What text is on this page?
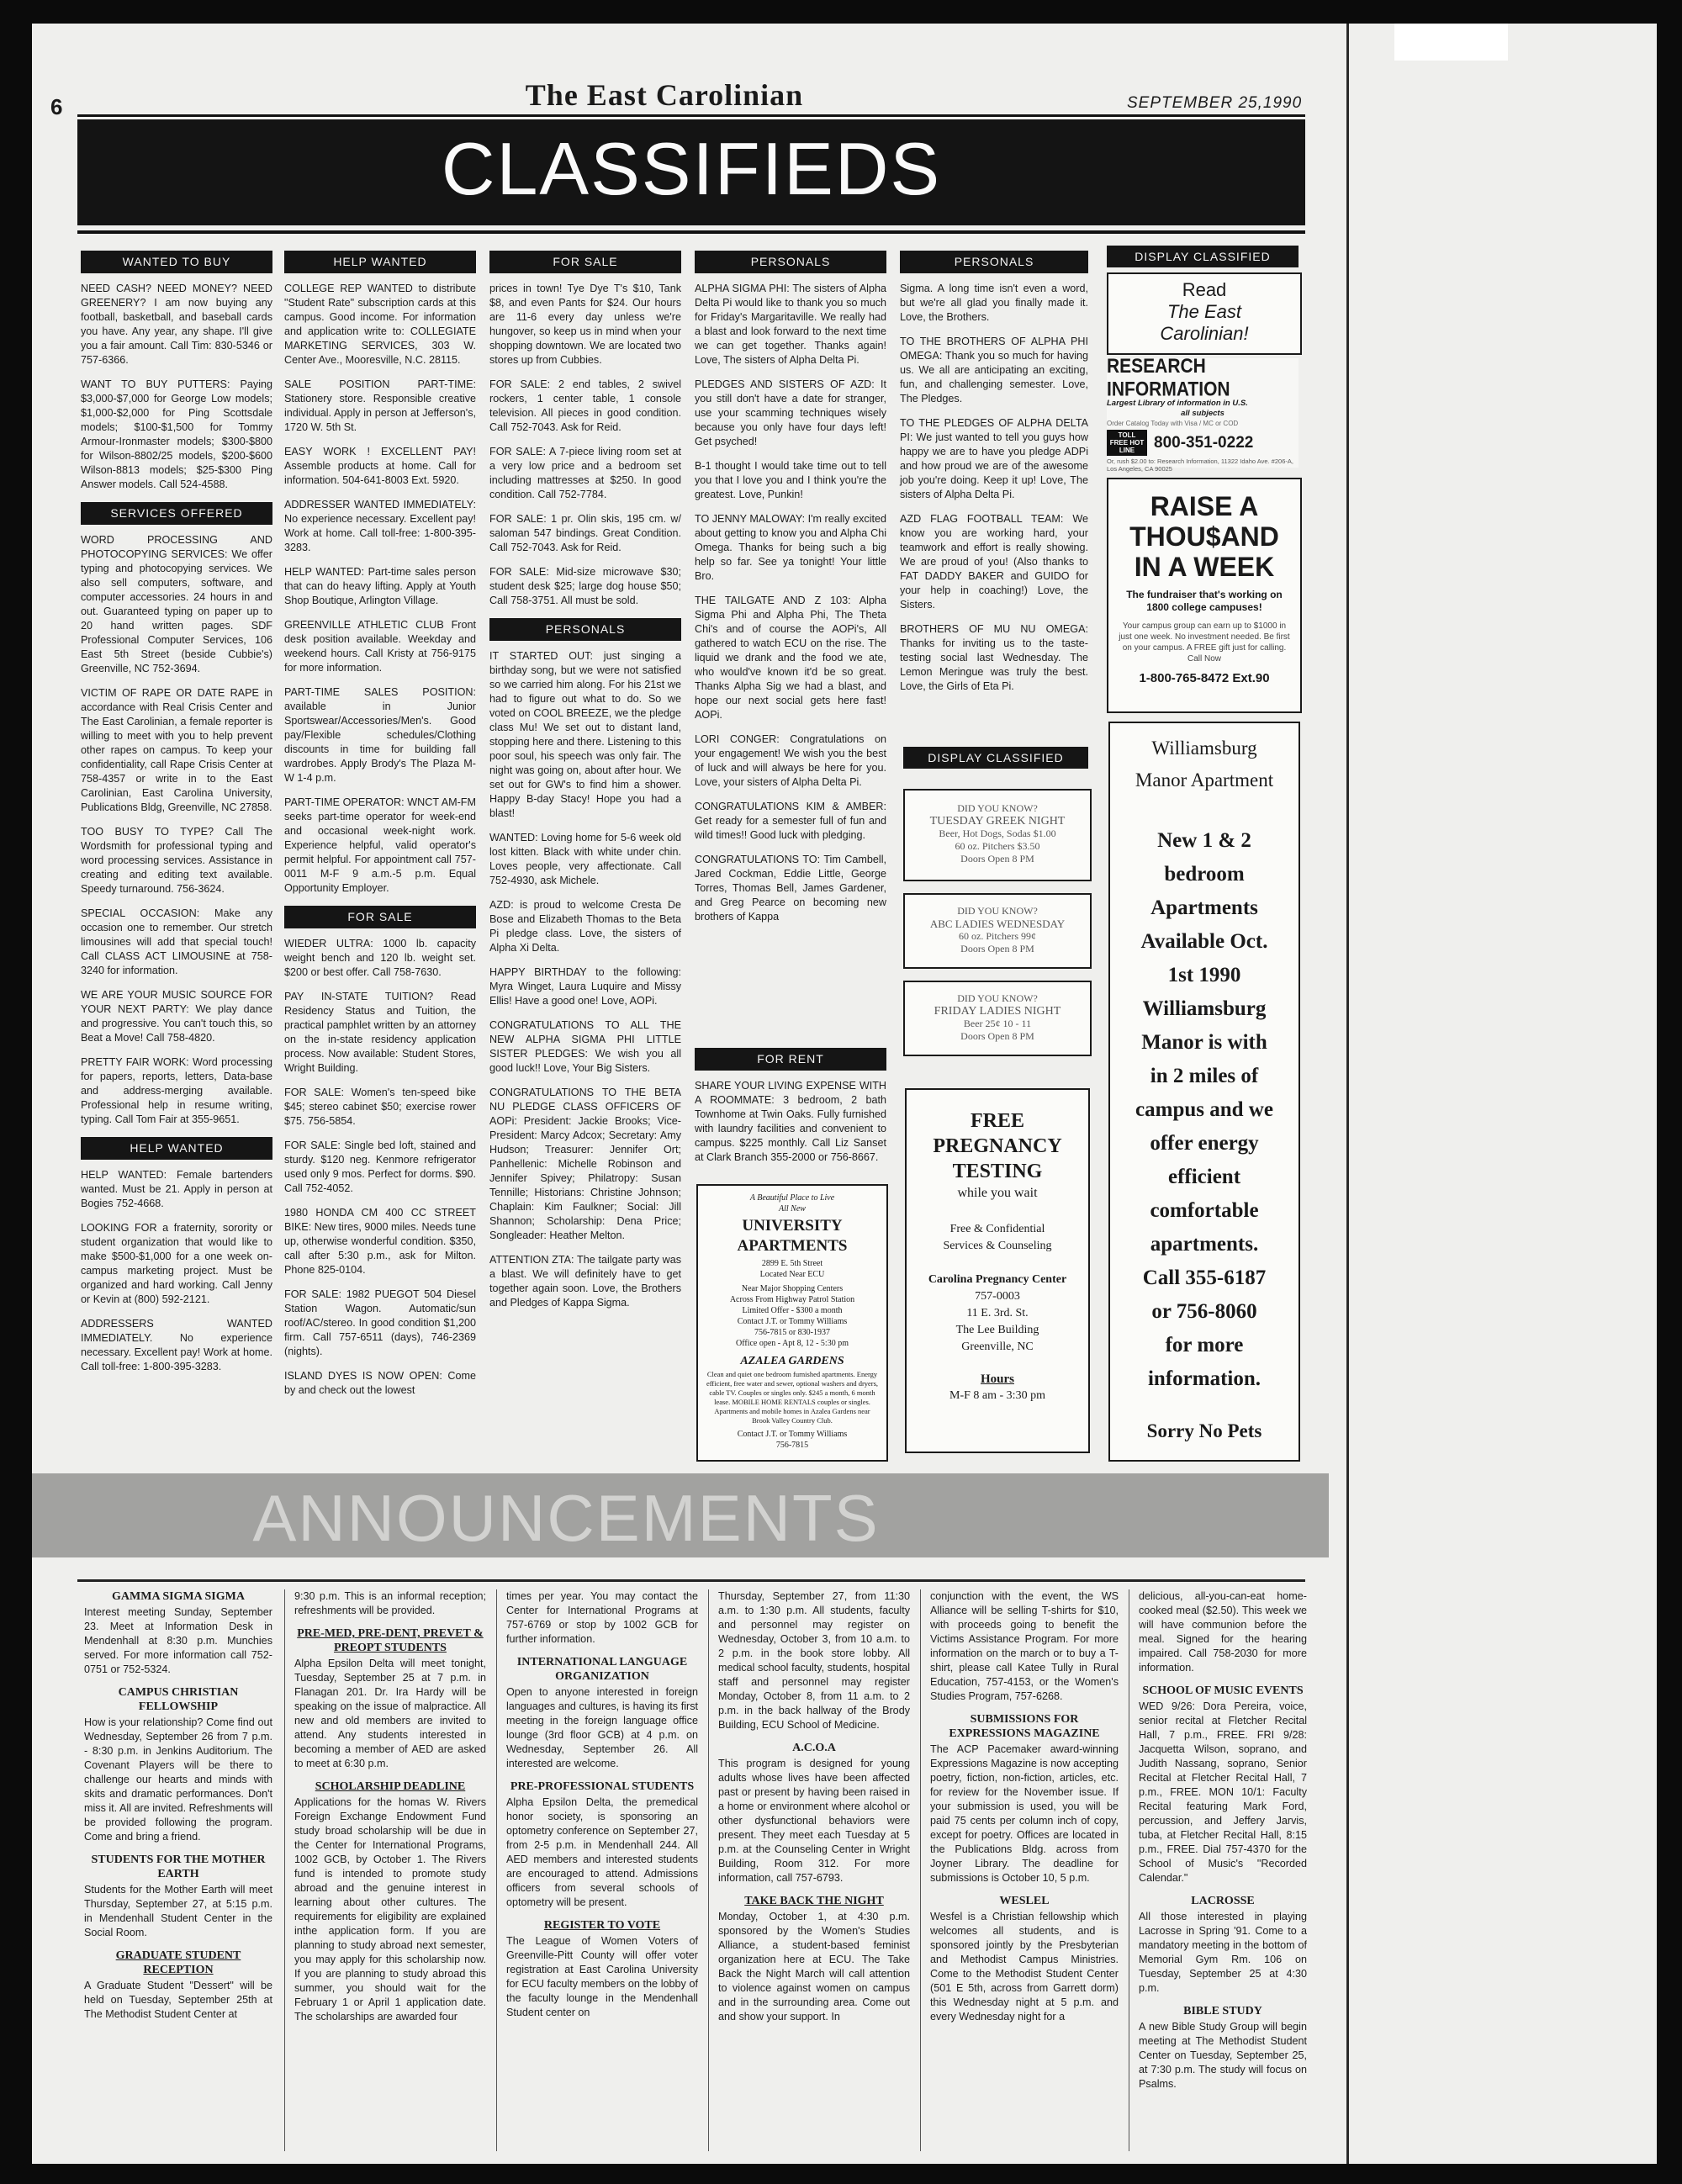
6	The East Carolinian	SEPTEMBER 25,1990
CLASSIFIEDS
WANTED TO BUY

NEED CASH? NEED MONEY? NEED GREENERY? I am now buying any football, basketball, and baseball cards you have. Any year, any shape. I'll give you a fair amount. Call Tim: 830-5346 or 757-6366.

WANT TO BUY PUTTERS: Paying $3,000-$7,000 for George Low models; $1,000-$2,000 for Ping Scottsdale models; $100-$1,500 for Tommy Armour-Ironmaster models; $300-$800 for Wilson-8802/25 models, $200-$600 Wilson-8813 models; $25-$300 Ping Answer models. Call 524-4588.

SERVICES OFFERED

WORD PROCESSING AND PHOTOCOPYING SERVICES: We offer typing and photocopying services. We also sell computers, software, and computer accessories. 24 hours in and out. Guaranteed typing on paper up to 20 hand written pages. SDF Professional Computer Services, 106 East 5th Street (beside Cubbie's) Greenville, NC 752-3694.

VICTIM OF RAPE OR DATE RAPE in accordance with Real Crisis Center and The East Carolinian, a female reporter is willing to meet with you to help prevent other rapes on campus. To keep your confidentiality, call Rape Crisis Center at 758-4357 or write in to the East Carolinian, East Carolina University, Publications Bldg, Greenville, NC 27858.

TOO BUSY TO TYPE? Call The Wordsmith for professional typing and word processing services. Assistance in creating and editing text available. Speedy turnaround. 756-3624.

SPECIAL OCCASION: Make any occasion one to remember. Our stretch limousines will add that special touch! Call CLASS ACT LIMOUSINE at 758-3240 for information.

WE ARE YOUR MUSIC SOURCE FOR YOUR NEXT PARTY: We play dance and progressive. You can't touch this, so Beat a Move! Call 758-4820.

PRETTY FAIR WORK: Word processing for papers, reports, letters, Data-base and address-merging available. Professional help in resume writing, typing. Call Tom Fair at 355-9651.

HELP WANTED

HELP WANTED: Female bartenders wanted. Must be 21. Apply in person at Bogies 752-4668.

LOOKING FOR a fraternity, sorority or student organization that would like to make $500-$1,000 for a one week on-campus marketing project. Must be organized and hard working. Call Jenny or Kevin at (800) 592-2121.

ADDRESSERS WANTED IMMEDIATELY. No experience necessary. Excellent pay! Work at home. Call toll-free: 1-800-395-3283.

HELP WANTED

COLLEGE REP WANTED to distribute "Student Rate" subscription cards at this campus. Good income. For information and application write to: COLLEGIATE MARKETING SERVICES, 303 W. Center Ave., Mooresville, N.C. 28115.

SALE POSITION PART-TIME: Stationery store. Responsible creative individual. Apply in person at Jefferson's, 1720 W. 5th St.

EASY WORK ! EXCELLENT PAY! Assemble products at home. Call for information. 504-641-8003 Ext. 5920.

ADDRESSER WANTED IMMEDIATELY: No experience necessary. Excellent pay! Work at home. Call toll-free: 1-800-395-3283.

HELP WANTED: Part-time sales person that can do heavy lifting. Apply at Youth Shop Boutique, Arlington Village.

GREENVILLE ATHLETIC CLUB Front desk position available. Weekday and weekend hours. Call Kristy at 756-9175 for more information.

PART-TIME SALES POSITION: available in Junior Sportswear/Accessories/Men's. Good pay/Flexible schedules/Clothing discounts in time for building fall wardrobes. Apply Brody's The Plaza M-W 1-4 p.m.

PART-TIME OPERATOR: WNCT AM-FM seeks part-time operator for week-end and occasional week-night work. Experience helpful, valid operator's permit helpful. For appointment call 757-0011 M-F 9 a.m.-5 p.m. Equal Opportunity Employer.

FOR SALE

WIEDER ULTRA: 1000 lb. capacity weight bench and 120 lb. weight set. $200 or best offer. Call 758-7630.

PAY IN-STATE TUITION? Read Residency Status and Tuition, the practical pamphlet written by an attorney on the in-state residency application process. Now available: Student Stores, Wright Building.

FOR SALE: Women's ten-speed bike $45; stereo cabinet $50; exercise rower $75. 756-5854.

FOR SALE: Single bed loft, stained and sturdy. $120 neg. Kenmore refrigerator used only 9 mos. Perfect for dorms. $90. Call 752-4052.

1980 HONDA CM 400 CC STREET BIKE: New tires, 9000 miles. Needs tune up, otherwise wonderful condition. $350, call after 5:30 p.m., ask for Milton. Phone 825-0104.

FOR SALE: 1982 PUEGOT 504 Diesel Station Wagon. Automatic/sun roof/AC/stereo. In good condition $1,200 firm. Call 757-6511 (days), 746-2369 (nights).

ISLAND DYES IS NOW OPEN: Come by and check out the lowest

FOR SALE

prices in town! Tye Dye T's $10, Tank $8, and even Pants for $24. Our hours are 11-6 every day unless we're hungover, so keep us in mind when your shopping downtown. We are located two stores up from Cubbies.

FOR SALE: 2 end tables, 2 swivel rockers, 1 center table, 1 console television. All pieces in good condition. Call 752-7043. Ask for Reid.

FOR SALE: A 7-piece living room set at a very low price and a bedroom set including mattresses at $250. In good condition. Call 752-7784.

FOR SALE: 1 pr. Olin skis, 195 cm. w/ saloman 547 bindings. Great Condition. Call 752-7043. Ask for Reid.

FOR SALE: Mid-size microwave $30; student desk $25; large dog house $50; Call 758-3751. All must be sold.

PERSONALS

IT STARTED OUT: just singing a birthday song, but we were not satisfied so we carried him along. For his 21st we had to figure out what to do. So we voted on COOL BREEZE, we the pledge class Mu! We set out to distant land, stopping here and there. Listening to this poor soul, his speech was only fair. The night was going on, about after hour. We set out for GW's to find him a shower. Happy B-day Stacy! Hope you had a blast!

WANTED: Loving home for 5-6 week old lost kitten. Black with white under chin. Loves people, very affectionate. Call 752-4930, ask Michele.

AZD: is proud to welcome Cresta De Bose and Elizabeth Thomas to the Beta Pi pledge class. Love, the sisters of Alpha Xi Delta.

HAPPY BIRTHDAY to the following: Myra Winget, Laura Luquire and Missy Ellis! Have a good one! Love, AOPi.

CONGRATULATIONS TO ALL THE NEW ALPHA SIGMA PHI LITTLE SISTER PLEDGES: We wish you all good luck!! Love, Your Big Sisters.

CONGRATULATIONS TO THE BETA NU PLEDGE CLASS OFFICERS OF AOPi: President: Jackie Brooks; Vice-President: Marcy Adcox; Secretary: Amy Hudson; Treasurer: Jennifer Ort; Panhellenic: Michelle Robinson and Jennifer Spivey; Philatropy: Susan Tennille; Historians: Christine Johnson; Chaplain: Kim Faulkner; Social: Jill Shannon; Scholarship: Dena Price; Songleader: Heather Melton.

ATTENTION ZTA: The tailgate party was a blast. We will definitely have to get together again soon. Love, the Brothers and Pledges of Kappa Sigma.

PERSONALS

ALPHA SIGMA PHI: The sisters of Alpha Delta Pi would like to thank you so much for Friday's Margaritaville. We really had a blast and look forward to the next time we can get together. Thanks again! Love, The sisters of Alpha Delta Pi.

PLEDGES AND SISTERS OF AZD: It you still don't have a date for stranger, use your scamming techniques wisely because you only have four days left! Get psyched!

B-1 thought I would take time out to tell you that I love you and I think you're the greatest. Love, Punkin!

TO JENNY MALOWAY: I'm really excited about getting to know you and Alpha Chi Omega. Thanks for being such a big help so far. See ya tonight! Your little Bro.

THE TAILGATE AND Z 103: Alpha Sigma Phi and Alpha Phi, The Theta Chi's and of course the AOPi's, All gathered to watch ECU on the rise. The liquid we drank and the food we ate, who would've known it'd be so great. Thanks Alpha Sig we had a blast, and hope our next social gets here fast! AOPi.

LORI CONGER: Congratulations on your engagement! We wish you the best of luck and will always be here for you. Love, your sisters of Alpha Delta Pi.

CONGRATULATIONS KIM & AMBER: Get ready for a semester full of fun and wild times!! Good luck with pledging.

CONGRATULATIONS TO: Tim Cambell, Jared Cockman, Eddie Little, George Torres, Thomas Bell, James Gardener, and Greg Pearce on becoming new brothers of Kappa

FOR RENT

SHARE YOUR LIVING EXPENSE WITH A ROOMMATE: 3 bedroom, 2 bath Townhome at Twin Oaks. Fully furnished with laundry facilities and convenient to campus. $225 monthly. Call Liz Sanset at Clark Branch 355-2000 or 756-8667.

A Beautiful Place to Live
All New
UNIVERSITY APARTMENTS
2899 E. 5th Street
Located Near ECU
Near Major Shopping Centers
Across From Highway Patrol Station
Limited Offer - $300 a month
Contact J.T. or Tommy Williams
756-7815 or 830-1937
Office open - Apt 8, 12 - 5:30 pm
AZALEA GARDENS
Clean and quiet one bedroom furnished apartments. Energy efficient, free water and sewer, optional washers and dryers, cable TV. Couples or singles only. $245 a month, 6 month lease. MOBILE HOME RENTALS couples or singles. Apartments and mobile homes in Azalea Gardens near Brook Valley Country Club.
Contact J.T. or Tommy Williams
756-7815
PERSONALS

Sigma. A long time isn't even a word, but we're all glad you finally made it. Love, the Brothers.

TO THE BROTHERS OF ALPHA PHI OMEGA: Thank you so much for having us. We all are anticipating an exciting, fun, and challenging semester. Love, The Pledges.

TO THE PLEDGES OF ALPHA DELTA PI: We just wanted to tell you guys how happy we are to have you pledge ADPi and how proud we are of the awesome job you're doing. Keep it up! Love, The sisters of Alpha Delta Pi.

AZD FLAG FOOTBALL TEAM: We know you are working hard, your teamwork and effort is really showing. We are proud of you! (Also thanks to FAT DADDY BAKER and GUIDO for your help in coaching!) Love, the Sisters.

BROTHERS OF MU NU OMEGA: Thanks for inviting us to the taste-testing social last Wednesday. The Lemon Meringue was truly the best. Love, the Girls of Eta Pi.

DISPLAY CLASSIFIED
DID YOU KNOW?
TUESDAY GREEK NIGHT
Beer, Hot Dogs, Sodas $1.00
60 oz. Pitchers $3.50
Doors Open 8 PM
DID YOU KNOW?
ABC LADIES WEDNESDAY
60 oz. Pitchers 99¢
Doors Open 8 PM
DID YOU KNOW?
FRIDAY LADIES NIGHT
Beer 25¢ 10 - 11
Doors Open 8 PM
FREE
PREGNANCY
TESTING
while you wait
Free & Confidential
Services & Counseling
Carolina Pregnancy Center
757-0003
11 E. 3rd. St.
The Lee Building
Greenville, NC
Hours
M-F 8 am - 3:30 pm
DISPLAY CLASSIFIED
Read
The East
Carolinian!
RESEARCH INFORMATION
Largest Library of information in U.S.
all subjects
Order Catalog Today with Visa / MC or COD
TOLL FREE HOT LINE	800-351-0222
Or, rush $2.00 to: Research Information, 11322 Idaho Ave. #206-A, Los Angeles, CA 90025
RAISE A
THOU$AND
IN A WEEK
The fundraiser that's working on 1800 college campuses!
Your campus group can earn up to $1000 in just one week. No investment needed. Be first on your campus. A FREE gift just for calling. Call Now
1-800-765-8472 Ext.90
Williamsburg
Manor Apartment
New 1 & 2
bedroom
Apartments
Available Oct.
1st 1990
Williamsburg
Manor is with
in 2 miles of
campus and we
offer energy
efficient
comfortable
apartments.
Call 355-6187
or 756-8060
for more
information.
Sorry No Pets
ANNOUNCEMENTS
GAMMA SIGMA SIGMA

Interest meeting Sunday, September 23. Meet at Information Desk in Mendenhall at 8:30 p.m. Munchies served. For more information call 752-0751 or 752-5324.

CAMPUS CHRISTIAN FELLOWSHIP

How is your relationship? Come find out Wednesday, September 26 from 7 p.m. - 8:30 p.m. in Jenkins Auditorium. The Covenant Players will be there to challenge our hearts and minds with skits and dramatic performances. Don't miss it. All are invited. Refreshments will be provided following the program. Come and bring a friend.

STUDENTS FOR THE MOTHER EARTH

Students for the Mother Earth will meet Thursday, September 27, at 5:15 p.m. in Mendenhall Student Center in the Social Room.

GRADUATE STUDENT RECEPTION

A Graduate Student "Dessert" will be held on Tuesday, September 25th at The Methodist Student Center at

9:30 p.m. This is an informal reception; refreshments will be provided.

PRE-MED, PRE-DENT, PREVET & PREOPT STUDENTS

Alpha Epsilon Delta will meet tonight, Tuesday, September 25 at 7 p.m. in Flanagan 201. Dr. Ira Hardy will be speaking on the issue of malpractice. All new and old members are invited to attend. Any students interested in becoming a member of AED are asked to meet at 6:30 p.m.

SCHOLARSHIP DEADLINE

Applications for the homas W. Rivers Foreign Exchange Endowment Fund study broad scholarship will be due in the Center for International Programs, 1002 GCB, by October 1. The Rivers fund is intended to promote study abroad and the genuine interest in learning about other cultures. The requirements for eligibility are explained inthe application form. If you are planning to study abroad next semester, you may apply for this scholarship now. If you are planning to study abroad this summer, you should wait for the February 1 or April 1 application date. The scholarships are awarded four

times per year. You may contact the Center for International Programs at 757-6769 or stop by 1002 GCB for further information.

INTERNATIONAL LANGUAGE ORGANIZATION

Open to anyone interested in foreign languages and cultures, is having its first meeting in the foreign language office lounge (3rd floor GCB) at 4 p.m. on Wednesday, September 26. All interested are welcome.

PRE-PROFESSIONAL STUDENTS

Alpha Epsilon Delta, the premedical honor society, is sponsoring an optometry conference on September 27, from 2-5 p.m. in Mendenhall 244. All AED members and interested students are encouraged to attend. Admissions officers from several schools of optometry will be present.

REGISTER TO VOTE

The League of Women Voters of Greenville-Pitt County will offer voter registration at East Carolina University for ECU faculty members on the lobby of the faculty lounge in the Mendenhall Student center on

Thursday, September 27, from 11:30 a.m. to 1:30 p.m. All students, faculty and personnel may register on Wednesday, October 3, from 10 a.m. to 2 p.m. in the book store lobby. All medical school faculty, students, hospital staff and personnel may register Monday, October 8, from 11 a.m. to 2 p.m. in the back hallway of the Brody Building, ECU School of Medicine.

A.C.O.A

This program is designed for young adults whose lives have been affected past or present by having been raised in a home or environment where alcohol or other dysfunctional behaviors were present. They meet each Tuesday at 5 p.m. at the Counseling Center in Wright Building, Room 312. For more information, call 757-6793.

TAKE BACK THE NIGHT

Monday, October 1, at 4:30 p.m. sponsored by the Women's Studies Alliance, a student-based feminist organization here at ECU. The Take Back the Night March will call attention to violence against women on campus and in the surrounding area. Come out and show your support. In

conjunction with the event, the WS Alliance will be selling T-shirts for $10, with proceeds going to benefit the Victims Assistance Program. For more information on the march or to buy a T-shirt, please call Katee Tully in Rural Education, 757-4153, or the Women's Studies Program, 757-6268.

SUBMISSIONS FOR EXPRESSIONS MAGAZINE

The ACP Pacemaker award-winning Expressions Magazine is now accepting poetry, fiction, non-fiction, articles, etc. for review for the November issue. If your submission is used, you will be paid 75 cents per column inch of copy, except for poetry. Offices are located in the Publications Bldg. across from Joyner Library. The deadline for submissions is October 10, 5 p.m.

WESLEL

Wesfel is a Christian fellowship which welcomes all students, and is sponsored jointly by the Presbyterian and Methodist Campus Ministries. Come to the Methodist Student Center (501 E 5th, across from Garrett dorm) this Wednesday night at 5 p.m. and every Wednesday night for a

delicious, all-you-can-eat home-cooked meal ($2.50). This week we will have communion before the meal. Signed for the hearing impaired. Call 758-2030 for more information.

SCHOOL OF MUSIC EVENTS

WED 9/26: Dora Pereira, voice, senior recital at Fletcher Recital Hall, 7 p.m., FREE. FRI 9/28: Jacquetta Wilson, soprano, and Judith Nassang, soprano, Senior Recital at Fletcher Recital Hall, 7 p.m., FREE. MON 10/1: Faculty Recital featuring Mark Ford, percussion, and Jeffery Jarvis, tuba, at Fletcher Recital Hall, 8:15 p.m., FREE. Dial 757-4370 for the School of Music's "Recorded Calendar."

LACROSSE

All those interested in playing Lacrosse in Spring '91. Come to a mandatory meeting in the bottom of Memorial Gym Rm. 106 on Tuesday, September 25 at 4:30 p.m.

BIBLE STUDY

A new Bible Study Group will begin meeting at The Methodist Student Center on Tuesday, September 25, at 7:30 p.m. The study will focus on Psalms.
